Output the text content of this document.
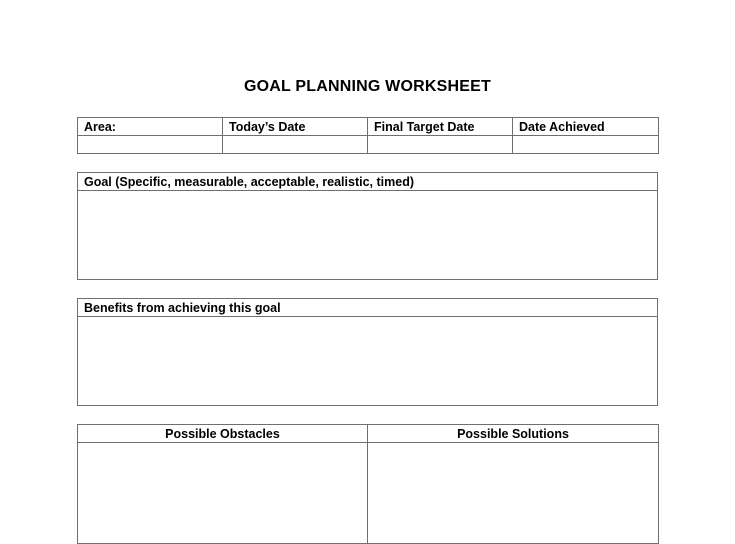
GOAL PLANNING WORKSHEET
Area:	Today’s Date	Final Target Date	Date Achieved

Goal (Specific, measurable, acceptable, realistic, timed)

Benefits from achieving this goal

Possible Obstacles	Possible Solutions
